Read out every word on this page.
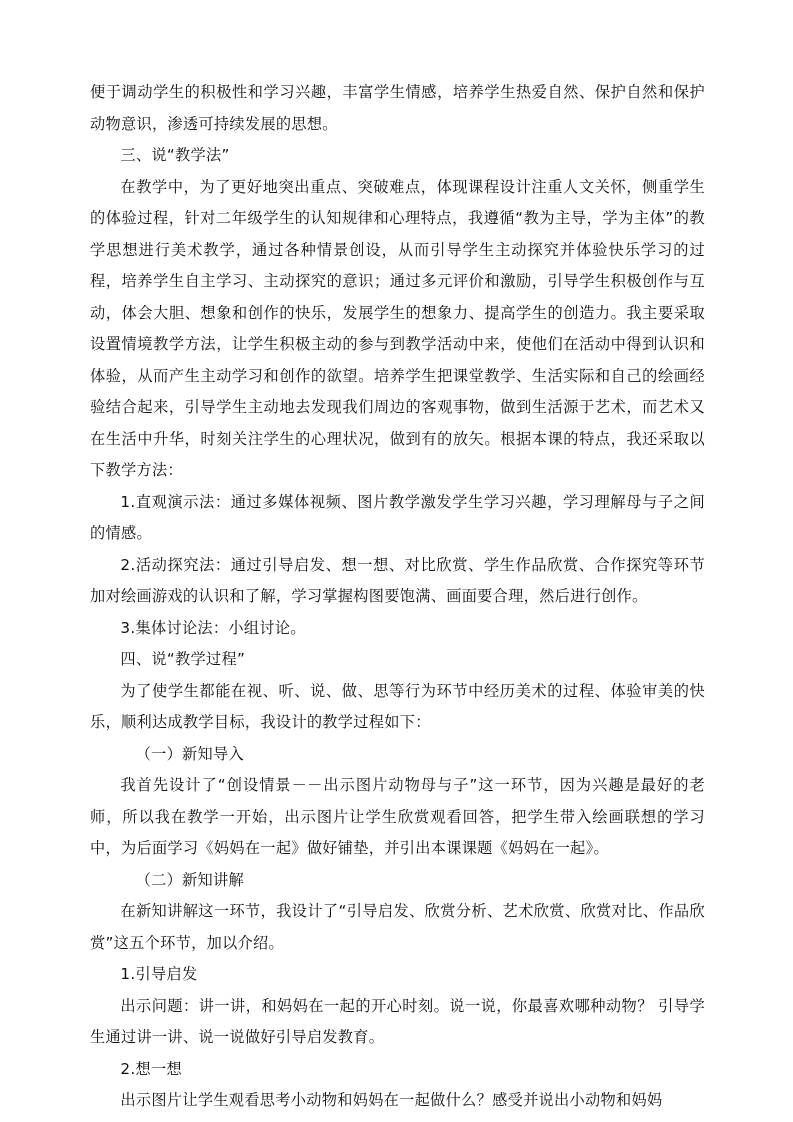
便于调动学生的积极性和学习兴趣，丰富学生情感，培养学生热爱自然、保护自然和保护动物意识，渗透可持续发展的思想。

三、说“教学法”

在教学中，为了更好地突出重点、突破难点，体现课程设计注重人文关怀，侧重学生的体验过程，针对二年级学生的认知规律和心理特点，我遵循“教为主导，学为主体”的教学思想进行美术教学，通过各种情景创设，从而引导学生主动探究并体验快乐学习的过程，培养学生自主学习、主动探究的意识；通过多元评价和激励，引导学生积极创作与互动，体会大胆、想象和创作的快乐，发展学生的想象力、提高学生的创造力。我主要采取设置情境教学方法，让学生积极主动的参与到教学活动中来，使他们在活动中得到认识和体验，从而产生主动学习和创作的欲望。培养学生把课堂教学、生活实际和自己的绘画经验结合起来，引导学生主动地去发现我们周边的客观事物，做到生活源于艺术，而艺术又在生活中升华，时刻关注学生的心理状况，做到有的放矢。根据本课的特点，我还采取以下教学方法：

1.直观演示法：通过多媒体视频、图片教学激发学生学习兴趣，学习理解母与子之间的情感。

2.活动探究法：通过引导启发、想一想、对比欣赏、学生作品欣赏、合作探究等环节加对绘画游戏的认识和了解，学习掌握构图要饱满、画面要合理，然后进行创作。

3.集体讨论法：小组讨论。

四、说“教学过程”

为了使学生都能在视、听、说、做、思等行为环节中经历美术的过程、体验审美的快乐，顺利达成教学目标，我设计的教学过程如下：

（一）新知导入

我首先设计了“创设情景－－出示图片动物母与子”这一环节，因为兴趣是最好的老师，所以我在教学一开始，出示图片让学生欣赏观看回答，把学生带入绘画联想的学习中，为后面学习《妈妈在一起》做好铺垫，并引出本课课题《妈妈在一起》。

（二）新知讲解

在新知讲解这一环节，我设计了“引导启发、欣赏分析、艺术欣赏、欣赏对比、作品欣赏”这五个环节，加以介绍。

1.引导启发

出示问题：讲一讲，和妈妈在一起的开心时刻。说一说，你最喜欢哪种动物？ 引导学生通过讲一讲、说一说做好引导启发教育。

2.想一想

出示图片让学生观看思考小动物和妈妈在一起做什么？感受并说出小动物和妈妈
